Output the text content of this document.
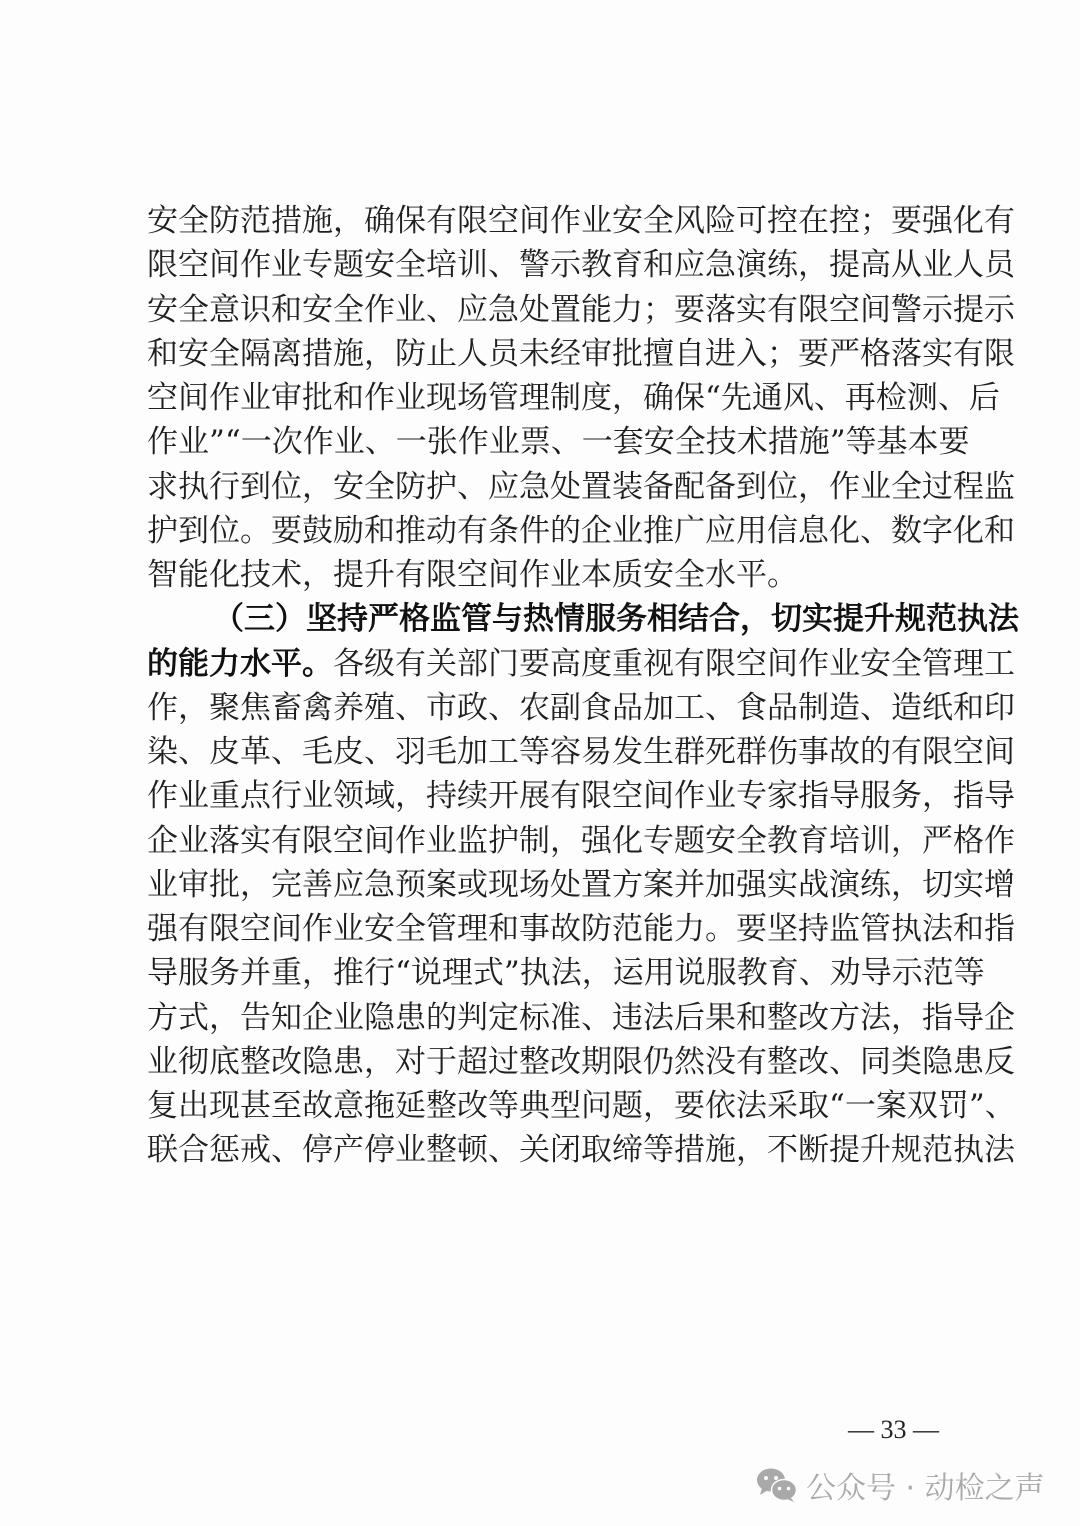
安全防范措施，确保有限空间作业安全风险可控在控；要强化有
限空间作业专题安全培训、警示教育和应急演练，提高从业人员
安全意识和安全作业、应急处置能力；要落实有限空间警示提示
和安全隔离措施，防止人员未经审批擅自进入；要严格落实有限
空间作业审批和作业现场管理制度，确保“先通风、再检测、后
作业”“一次作业、一张作业票、一套安全技术措施”等基本要
求执行到位，安全防护、应急处置装备配备到位，作业全过程监
护到位。要鼓励和推动有条件的企业推广应用信息化、数字化和
智能化技术，提升有限空间作业本质安全水平。
（三）坚持严格监管与热情服务相结合，切实提升规范执法
的能力水平。各级有关部门要高度重视有限空间作业安全管理工
作，聚焦畜禽养殖、市政、农副食品加工、食品制造、造纸和印
染、皮革、毛皮、羽毛加工等容易发生群死群伤事故的有限空间
作业重点行业领域，持续开展有限空间作业专家指导服务，指导
企业落实有限空间作业监护制，强化专题安全教育培训，严格作
业审批，完善应急预案或现场处置方案并加强实战演练，切实增
强有限空间作业安全管理和事故防范能力。要坚持监管执法和指
导服务并重，推行“说理式”执法，运用说服教育、劝导示范等
方式，告知企业隐患的判定标准、违法后果和整改方法，指导企
业彻底整改隐患，对于超过整改期限仍然没有整改、同类隐患反
复出现甚至故意拖延整改等典型问题，要依法采取“一案双罚”、
联合惩戒、停产停业整顿、关闭取缔等措施，不断提升规范执法
— 33 —
公众号 · 动检之声
